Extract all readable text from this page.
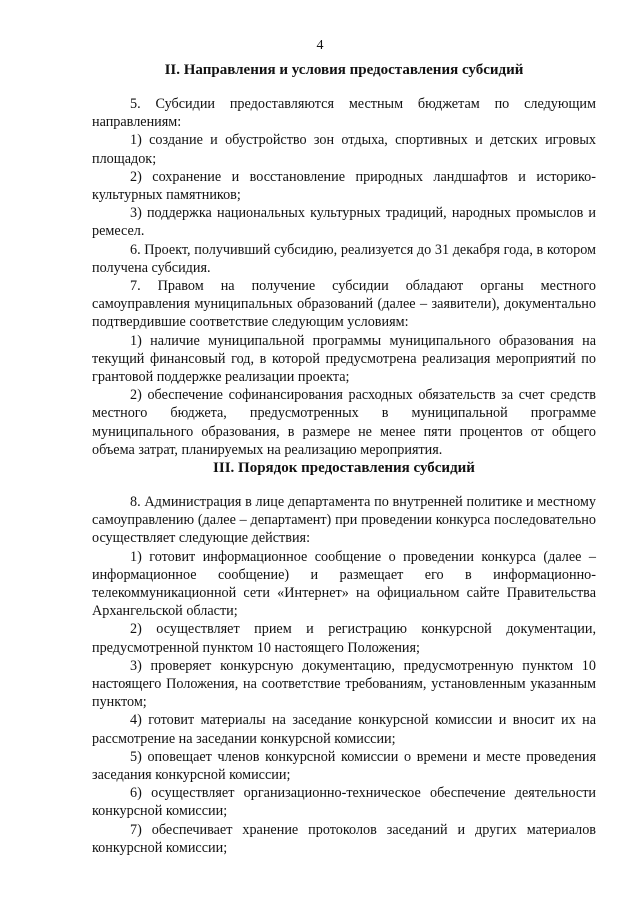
4
II. Направления и условия предоставления субсидий

5. Субсидии предоставляются местным бюджетам по следующим направлениям:

1) создание и обустройство зон отдыха, спортивных и детских игровых площадок;

2) сохранение и восстановление природных ландшафтов и историко-культурных памятников;

3) поддержка национальных культурных традиций, народных промыслов и ремесел.

6. Проект, получивший субсидию, реализуется до 31 декабря года, в котором получена субсидия.

7. Правом на получение субсидии обладают органы местного самоуправления муниципальных образований (далее – заявители), документально подтвердившие соответствие следующим условиям:

1) наличие муниципальной программы муниципального образования на текущий финансовый год, в которой предусмотрена реализация мероприятий по грантовой поддержке реализации проекта;

2) обеспечение софинансирования расходных обязательств за счет средств местного бюджета, предусмотренных в муниципальной программе муниципального образования, в размере не менее пяти процентов от общего объема затрат, планируемых на реализацию мероприятия.

III. Порядок предоставления субсидий

8. Администрация в лице департамента по внутренней политике и местному самоуправлению (далее – департамент) при проведении конкурса последовательно осуществляет следующие действия:

1) готовит информационное сообщение о проведении конкурса (далее – информационное сообщение) и размещает его в информационно-телекоммуникационной сети «Интернет» на официальном сайте Правительства Архангельской области;

2) осуществляет прием и регистрацию конкурсной документации, предусмотренной пунктом 10 настоящего Положения;

3) проверяет конкурсную документацию, предусмотренную пунктом 10 настоящего Положения, на соответствие требованиям, установленным указанным пунктом;

4) готовит материалы на заседание конкурсной комиссии и вносит их на рассмотрение на заседании конкурсной комиссии;

5) оповещает членов конкурсной комиссии о времени и месте проведения заседания конкурсной комиссии;

6) осуществляет организационно-техническое обеспечение деятельности конкурсной комиссии;

7) обеспечивает хранение протоколов заседаний и других материалов конкурсной комиссии;
